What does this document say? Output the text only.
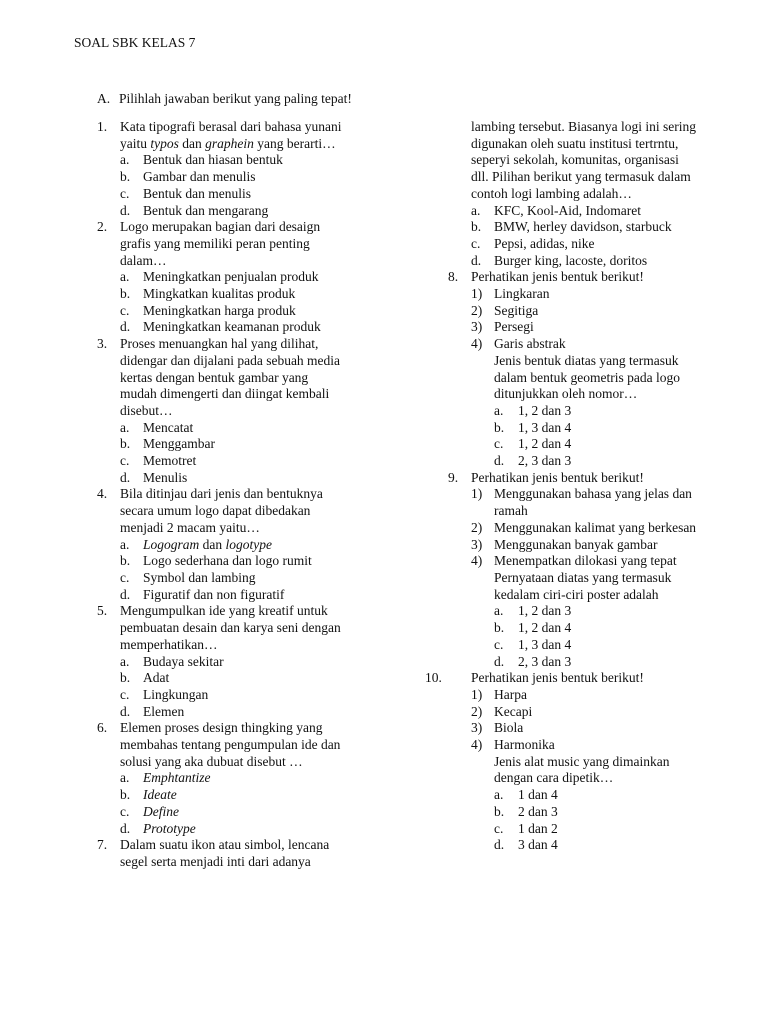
SOAL SBK KELAS 7
A. Pilihlah jawaban berikut yang paling tepat!
1. Kata tipografi berasal dari bahasa yunani
yaitu typos dan graphein yang berarti…
a.	Bentuk dan hiasan bentuk
b. Gambar dan menulis
c.	Bentuk dan menulis
d. Bentuk dan mengarang
2. Logo merupakan bagian dari desaign
grafis yang memiliki peran penting
dalam…
a.	Meningkatkan penjualan produk
b. Mingkatkan kualitas produk
c.	Meningkatkan harga produk
d. Meningkatkan keamanan produk
3. Proses menuangkan hal yang dilihat,
didengar dan dijalani pada sebuah media
kertas dengan bentuk gambar yang
mudah dimengerti dan diingat kembali
disebut…
a.	Mencatat
b. Menggambar
c.	Memotret
d. Menulis
4. Bila ditinjau dari jenis dan bentuknya
secara umum logo dapat dibedakan
menjadi 2 macam yaitu…
a.	Logogram dan logotype
b. Logo sederhana dan logo rumit
c.	Symbol dan lambing
d. Figuratif dan non figuratif
5. Mengumpulkan ide yang kreatif untuk
pembuatan desain dan karya seni dengan
memperhatikan…
a.	Budaya sekitar
b. Adat
c.	Lingkungan
d. Elemen
6. Elemen proses design thingking yang
membahas tentang pengumpulan ide dan
solusi yang aka dubuat disebut …
a.	Emphtantize
b. Ideate
c.	Define
d. Prototype
7. Dalam suatu ikon atau simbol, lencana
segel serta menjadi inti dari adanya
lambing tersebut. Biasanya logi ini sering
digunakan oleh suatu institusi tertrntu,
seperyi sekolah, komunitas, organisasi
dll. Pilihan berikut yang termasuk dalam
contoh logi lambing adalah…
a.	KFC, Kool-Aid, Indomaret
b. BMW, herley davidson, starbuck
c.	Pepsi, adidas, nike
d. Burger king, lacoste, doritos
8. Perhatikan jenis bentuk berikut!
1) Lingkaran
2) Segitiga
3) Persegi
4) Garis abstrak
Jenis bentuk diatas yang termasuk
dalam bentuk geometris pada logo
ditunjukkan oleh nomor…
a.	1, 2 dan 3
b.	1, 3 dan 4
c.	1, 2 dan 4
d.	2, 3 dan 3
9. Perhatikan jenis bentuk berikut!
1) Menggunakan bahasa yang jelas dan
ramah
2) Menggunakan kalimat yang berkesan
3) Menggunakan banyak gambar
4) Menempatkan dilokasi yang tepat
Pernyataan diatas yang termasuk
kedalam ciri-ciri poster adalah
a.	1, 2 dan 3
b.	1, 2 dan 4
c.	1, 3 dan 4
d.	2, 3 dan 3
10.	Perhatikan jenis bentuk berikut!
1) Harpa
2) Kecapi
3) Biola
4) Harmonika
Jenis alat music yang dimainkan
dengan cara dipetik…
a.	1 dan 4
b.	2 dan 3
c.	1 dan 2
d.	3 dan 4
